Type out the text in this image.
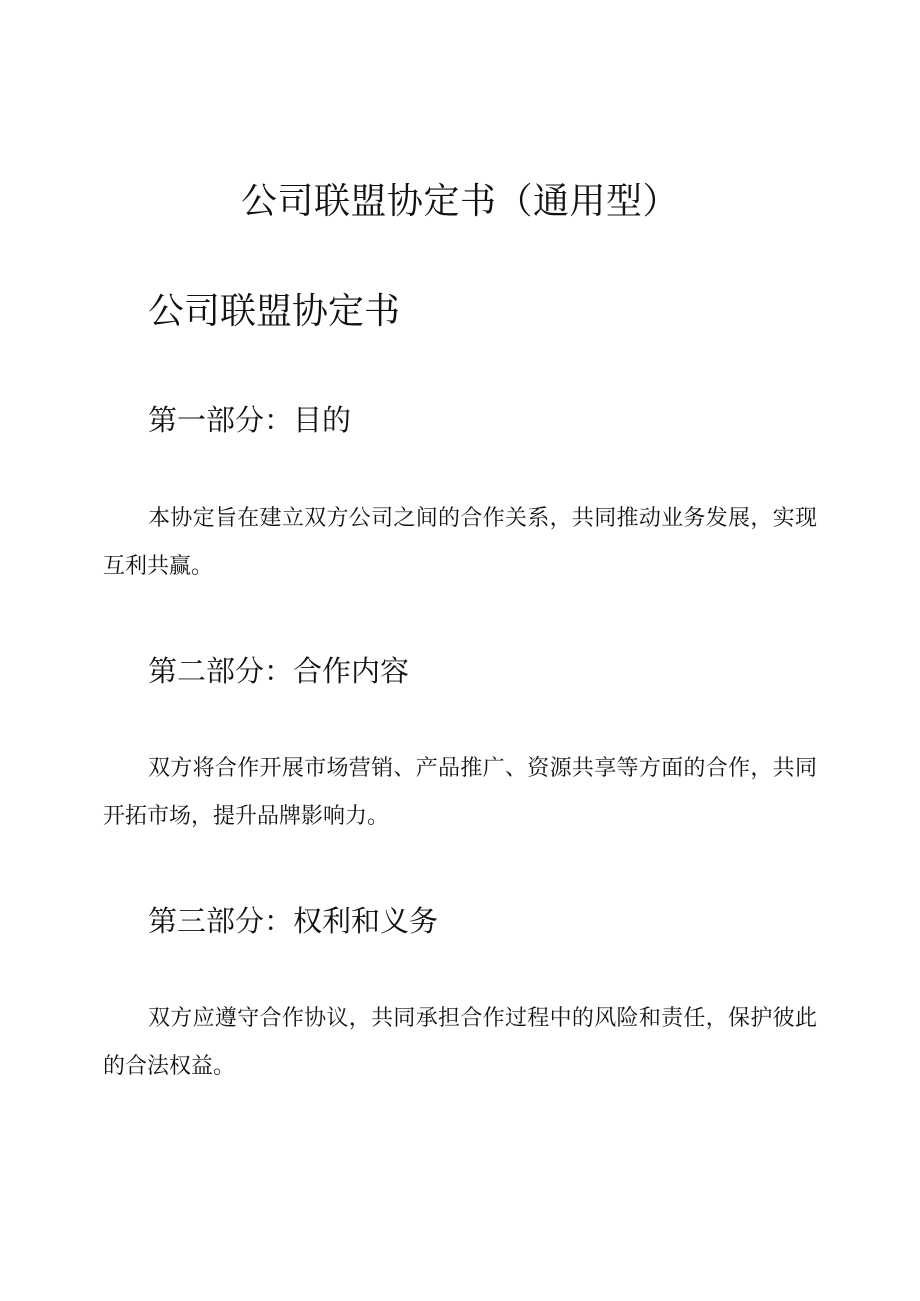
公司联盟协定书（通用型）
公司联盟协定书
第一部分：目的

本协定旨在建立双方公司之间的合作关系，共同推动业务发展，实现互利共赢。

第二部分：合作内容

双方将合作开展市场营销、产品推广、资源共享等方面的合作，共同开拓市场，提升品牌影响力。

第三部分：权利和义务

双方应遵守合作协议，共同承担合作过程中的风险和责任，保护彼此的合法权益。
